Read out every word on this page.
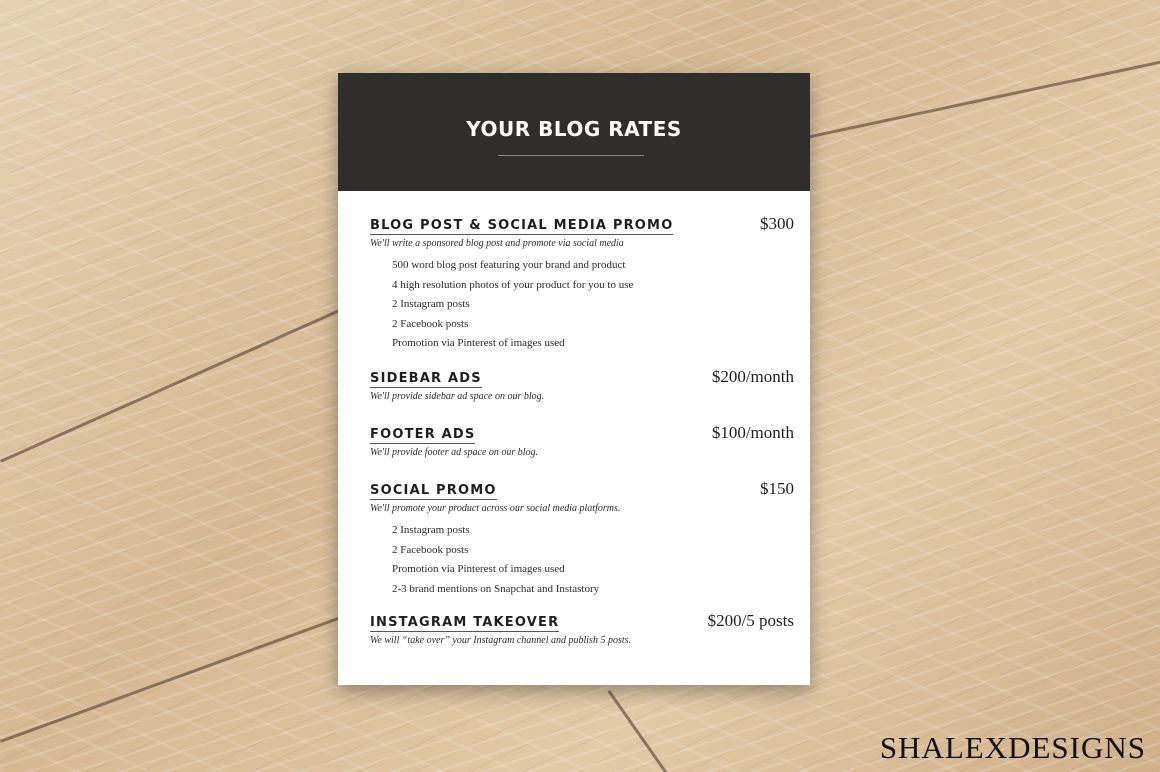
YOUR BLOG RATES
BLOG POST & SOCIAL MEDIA PROMO	$300
We'll write a sponsored blog post and promote via social media
500 word blog post featuring your brand and product
4 high resolution photos of your product for you to use
2 Instagram posts
2 Facebook posts
Promotion via Pinterest of images used
SIDEBAR ADS	$200/month
We'll provide sidebar ad space on our blog.
FOOTER ADS	$100/month
We'll provide footer ad space on our blog.
SOCIAL PROMO	$150
We'll promote your product across our social media platforms.
2 Instagram posts
2 Facebook posts
Promotion via Pinterest of images used
2-3 brand mentions on Snapchat and Instastory
INSTAGRAM TAKEOVER	$200/5 posts
We will “take over” your Instagram channel and publish 5 posts.
SHALEXDESIGNS
